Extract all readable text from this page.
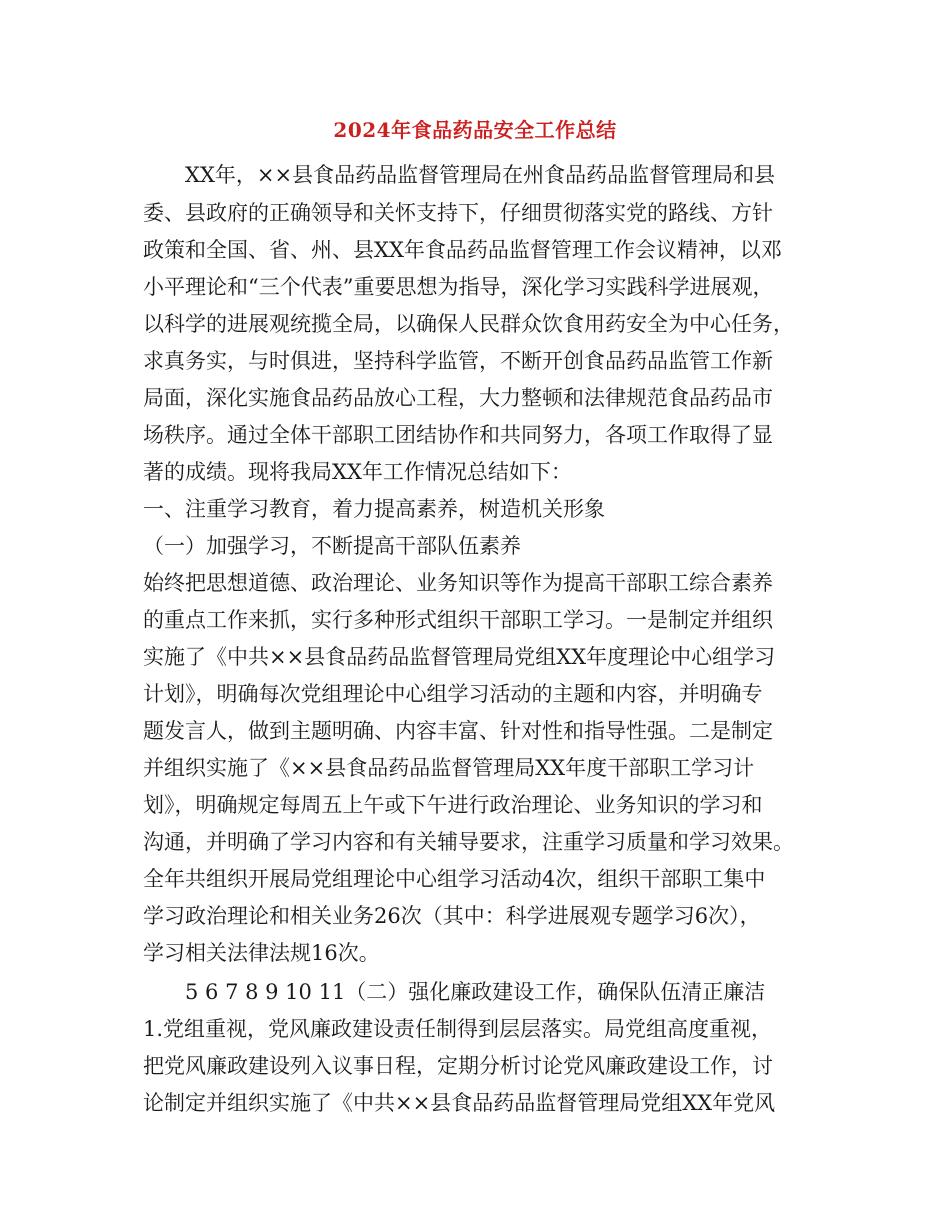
2024年食品药品安全工作总结
XX年，××县食品药品监督管理局在州食品药品监督管理局和县
委、县政府的正确领导和关怀支持下，仔细贯彻落实党的路线、方针
政策和全国、省、州、县XX年食品药品监督管理工作会议精神，以邓
小平理论和“三个代表”重要思想为指导，深化学习实践科学进展观，
以科学的进展观统揽全局，以确保人民群众饮食用药安全为中心任务，
求真务实，与时俱进，坚持科学监管，不断开创食品药品监管工作新
局面，深化实施食品药品放心工程，大力整顿和法律规范食品药品市
场秩序。通过全体干部职工团结协作和共同努力，各项工作取得了显
著的成绩。现将我局XX年工作情况总结如下：
一、注重学习教育，着力提高素养，树造机关形象
（一）加强学习，不断提高干部队伍素养
始终把思想道德、政治理论、业务知识等作为提高干部职工综合素养
的重点工作来抓，实行多种形式组织干部职工学习。一是制定并组织
实施了《中共××县食品药品监督管理局党组XX年度理论中心组学习
计划》，明确每次党组理论中心组学习活动的主题和内容，并明确专
题发言人，做到主题明确、内容丰富、针对性和指导性强。二是制定
并组织实施了《××县食品药品监督管理局XX年度干部职工学习计
划》，明确规定每周五上午或下午进行政治理论、业务知识的学习和
沟通，并明确了学习内容和有关辅导要求，注重学习质量和学习效果。
全年共组织开展局党组理论中心组学习活动4次，组织干部职工集中
学习政治理论和相关业务26次（其中：科学进展观专题学习6次），
学习相关法律法规16次。
5 6 7 8 9 10 11（二）强化廉政建设工作，确保队伍清正廉洁
1.党组重视，党风廉政建设责任制得到层层落实。局党组高度重视，
把党风廉政建设列入议事日程，定期分析讨论党风廉政建设工作，讨
论制定并组织实施了《中共××县食品药品监督管理局党组XX年党风
